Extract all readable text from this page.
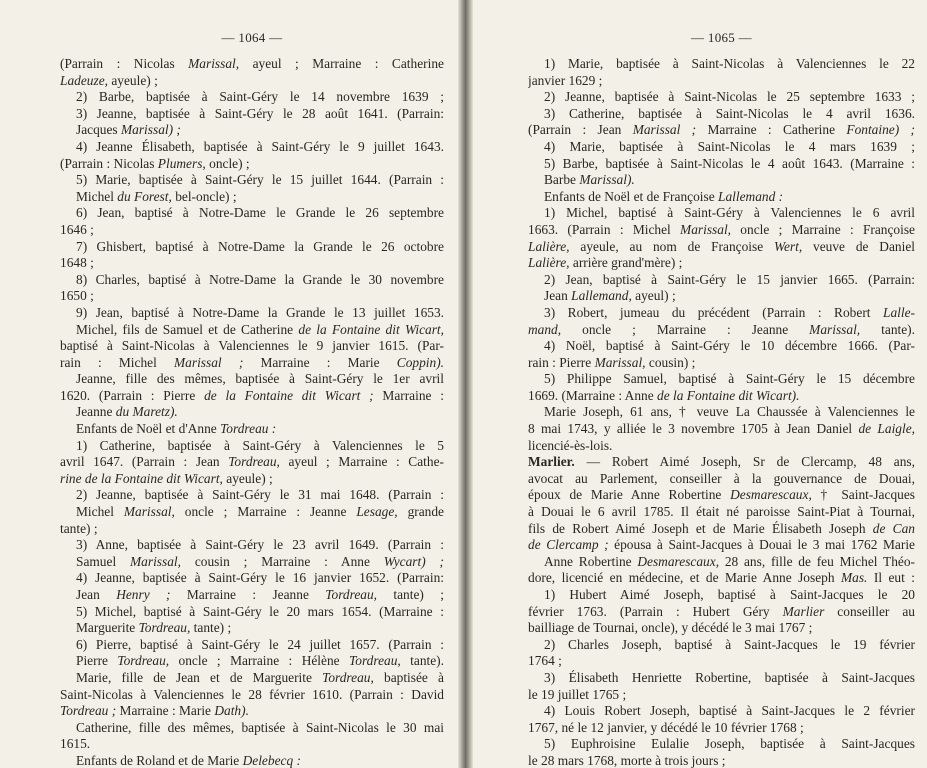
— 1064 —
(Parrain : Nicolas Marissal, ayeul ; Marraine : Catherine
Ladeuze, ayeule) ;
2) Barbe, baptisée à Saint-Géry le 14 novembre 1639 ;
3) Jeanne, baptisée à Saint-Géry le 28 août 1641. (Parrain:
Jacques Marissal) ;
4) Jeanne Élisabeth, baptisée à Saint-Géry le 9 juillet 1643.
(Parrain : Nicolas Plumers, oncle) ;
5) Marie, baptisée à Saint-Géry le 15 juillet 1644. (Parrain :
Michel du Forest, bel-oncle) ;
6) Jean, baptisé à Notre-Dame le Grande le 26 septembre
1646 ;
7) Ghisbert, baptisé à Notre-Dame la Grande le 26 octobre
1648 ;
8) Charles, baptisé à Notre-Dame la Grande le 30 novembre
1650 ;
9) Jean, baptisé à Notre-Dame la Grande le 13 juillet 1653.
Michel, fils de Samuel et de Catherine de la Fontaine dit Wicart,
baptisé à Saint-Nicolas à Valenciennes le 9 janvier 1615. (Par-
rain : Michel Marissal ; Marraine : Marie Coppin).
Jeanne, fille des mêmes, baptisée à Saint-Géry le 1er avril
1620. (Parrain : Pierre de la Fontaine dit Wicart ; Marraine :
Jeanne du Maretz).
Enfants de Noël et d'Anne Tordreau :
1) Catherine, baptisée à Saint-Géry à Valenciennes le 5
avril 1647. (Parrain : Jean Tordreau, ayeul ; Marraine : Cathe-
rine de la Fontaine dit Wicart, ayeule) ;
2) Jeanne, baptisée à Saint-Géry le 31 mai 1648. (Parrain :
Michel Marissal, oncle ; Marraine : Jeanne Lesage, grande
tante) ;
3) Anne, baptisée à Saint-Géry le 23 avril 1649. (Parrain :
Samuel Marissal, cousin ; Marraine : Anne Wycart) ;
4) Jeanne, baptisée à Saint-Géry le 16 janvier 1652. (Parrain:
Jean Henry ; Marraine : Jeanne Tordreau, tante) ;
5) Michel, baptisé à Saint-Géry le 20 mars 1654. (Marraine :
Marguerite Tordreau, tante) ;
6) Pierre, baptisé à Saint-Géry le 24 juillet 1657. (Parrain :
Pierre Tordreau, oncle ; Marraine : Hélène Tordreau, tante).
Marie, fille de Jean et de Marguerite Tordreau, baptisée à
Saint-Nicolas à Valenciennes le 28 février 1610. (Parrain : David
Tordreau ; Marraine : Marie Dath).
Catherine, fille des mêmes, baptisée à Saint-Nicolas le 30 mai
1615.
Enfants de Roland et de Marie Delebecq :
— 1065 —
1) Marie, baptisée à Saint-Nicolas à Valenciennes le 22
janvier 1629 ;
2) Jeanne, baptisée à Saint-Nicolas le 25 septembre 1633 ;
3) Catherine, baptisée à Saint-Nicolas le 4 avril 1636.
(Parrain : Jean Marissal ; Marraine : Catherine Fontaine) ;
4) Marie, baptisée à Saint-Nicolas le 4 mars 1639 ;
5) Barbe, baptisée à Saint-Nicolas le 4 août 1643. (Marraine :
Barbe Marissal).
Enfants de Noël et de Françoise Lallemand :
1) Michel, baptisé à Saint-Géry à Valenciennes le 6 avril
1663. (Parrain : Michel Marissal, oncle ; Marraine : Françoise
Lalière, ayeule, au nom de Françoise Wert, veuve de Daniel
Lalière, arrière grand'mère) ;
2) Jean, baptisé à Saint-Géry le 15 janvier 1665. (Parrain:
Jean Lallemand, ayeul) ;
3) Robert, jumeau du précédent (Parrain : Robert Lalle-
mand, oncle ; Marraine : Jeanne Marissal, tante).
4) Noël, baptisé à Saint-Géry le 10 décembre 1666. (Par-
rain : Pierre Marissal, cousin) ;
5) Philippe Samuel, baptisé à Saint-Géry le 15 décembre
1669. (Marraine : Anne de la Fontaine dit Wicart).
Marie Joseph, 61 ans, † veuve La Chaussée à Valenciennes le
8 mai 1743, y alliée le 3 novembre 1705 à Jean Daniel de Laigle,
licencié-ès-lois.
Marlier. — Robert Aimé Joseph, Sr de Clercamp, 48 ans,
avocat au Parlement, conseiller à la gouvernance de Douai,
époux de Marie Anne Robertine Desmarescaux, † Saint-Jacques
à Douai le 6 avril 1785. Il était né paroisse Saint-Piat à Tournai,
fils de Robert Aimé Joseph et de Marie Élisabeth Joseph de Can
de Clercamp ; épousa à Saint-Jacques à Douai le 3 mai 1762 Marie
Anne Robertine Desmarescaux, 28 ans, fille de feu Michel Théo-
dore, licencié en médecine, et de Marie Anne Joseph Mas. Il eut :
1) Hubert Aimé Joseph, baptisé à Saint-Jacques le 20
février 1763. (Parrain : Hubert Géry Marlier conseiller au
bailliage de Tournai, oncle), y décédé le 3 mai 1767 ;
2) Charles Joseph, baptisé à Saint-Jacques le 19 février
1764 ;
3) Élisabeth Henriette Robertine, baptisée à Saint-Jacques
le 19 juillet 1765 ;
4) Louis Robert Joseph, baptisé à Saint-Jacques le 2 février
1767, né le 12 janvier, y décédé le 10 février 1768 ;
5) Euphroisine Eulalie Joseph, baptisée à Saint-Jacques
le 28 mars 1768, morte à trois jours ;
